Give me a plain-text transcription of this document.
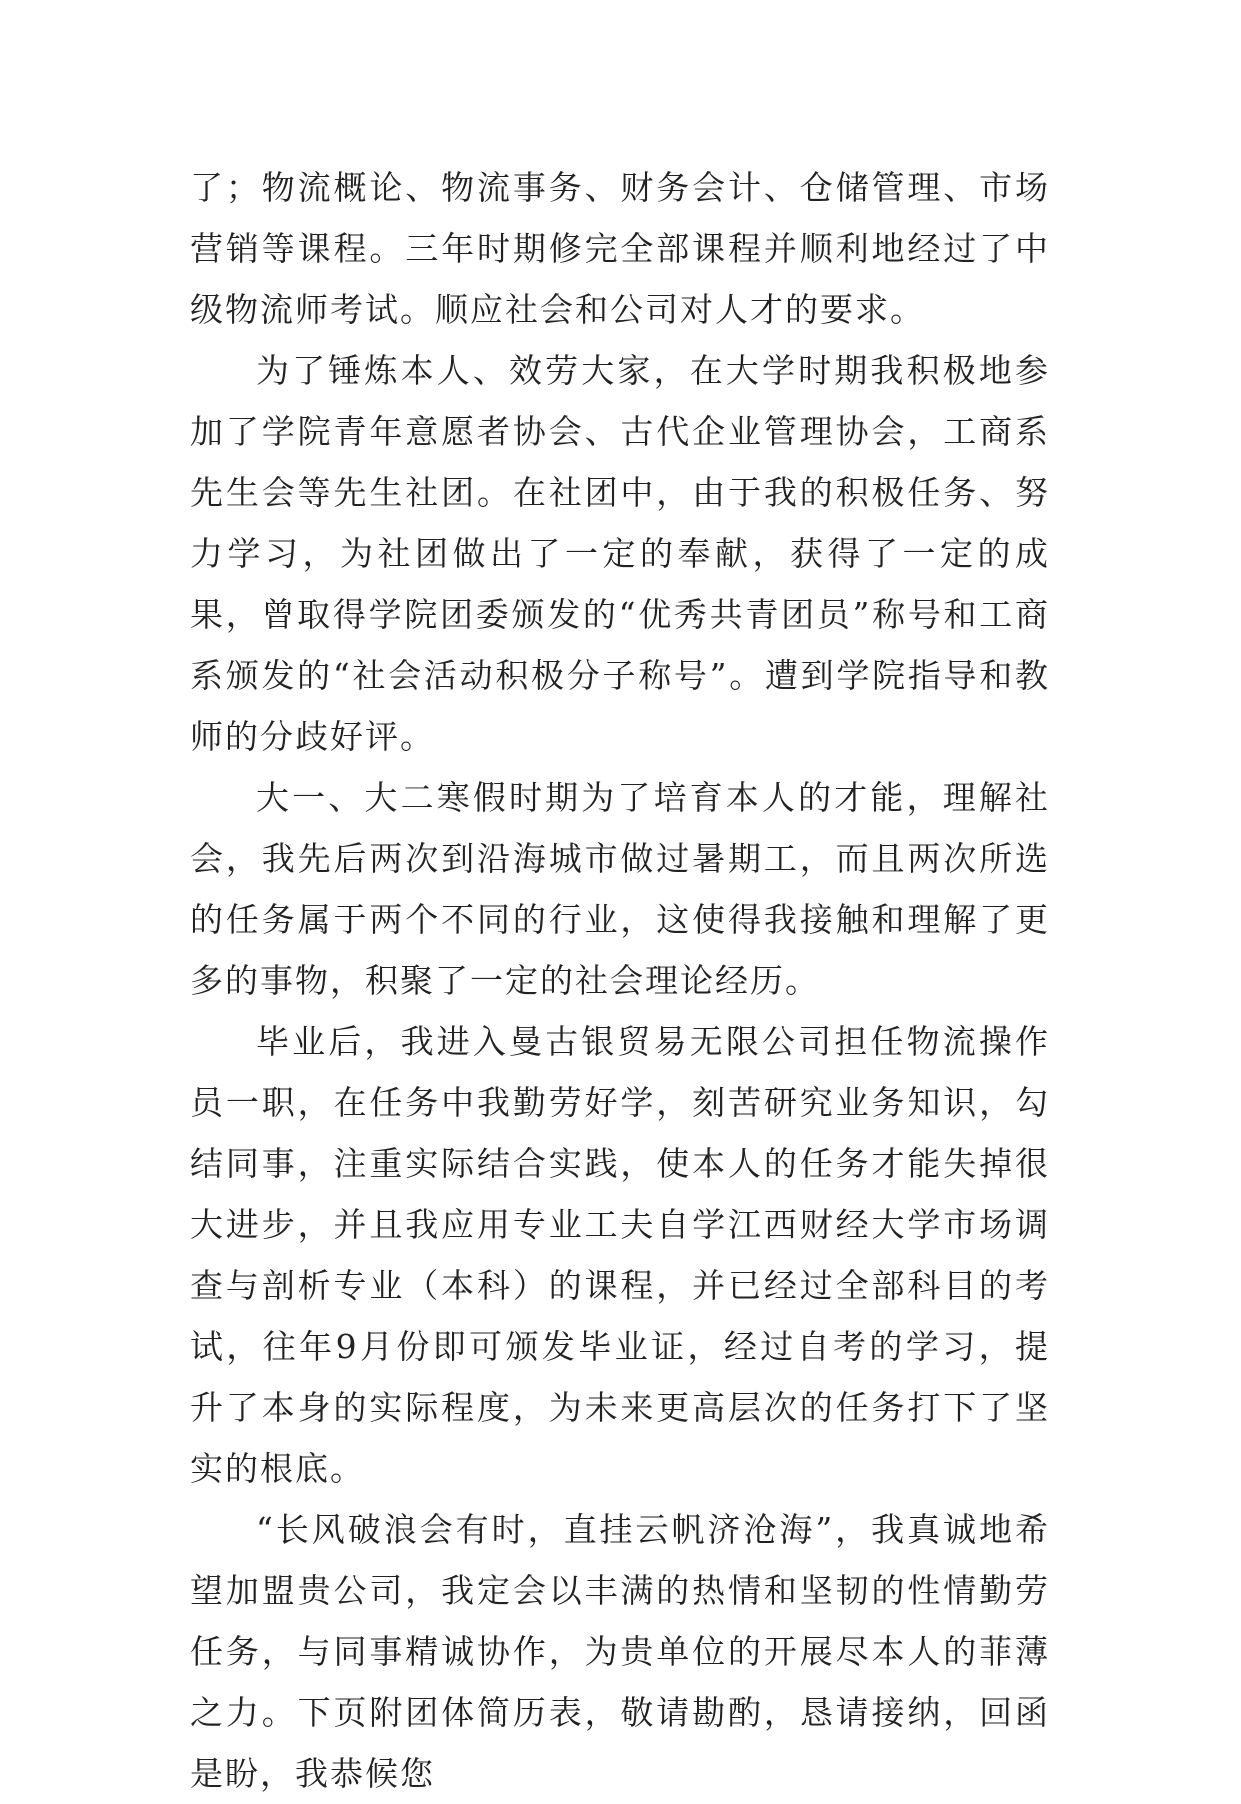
了；物流概论、物流事务、财务会计、仓储管理、市场营销等课程。三年时期修完全部课程并顺利地经过了中级物流师考试。顺应社会和公司对人才的要求。

为了锤炼本人、效劳大家，在大学时期我积极地参加了学院青年意愿者协会、古代企业管理协会，工商系先生会等先生社团。在社团中，由于我的积极任务、努力学习，为社团做出了一定的奉献，获得了一定的成果，曾取得学院团委颁发的“优秀共青团员”称号和工商系颁发的“社会活动积极分子称号”。遭到学院指导和教师的分歧好评。

大一、大二寒假时期为了培育本人的才能，理解社会，我先后两次到沿海城市做过暑期工，而且两次所选的任务属于两个不同的行业，这使得我接触和理解了更多的事物，积聚了一定的社会理论经历。

毕业后，我进入曼古银贸易无限公司担任物流操作员一职，在任务中我勤劳好学，刻苦研究业务知识，勾结同事，注重实际结合实践，使本人的任务才能失掉很大进步，并且我应用专业工夫自学江西财经大学市场调查与剖析专业（本科）的课程，并已经过全部科目的考试，往年9月份即可颁发毕业证，经过自考的学习，提升了本身的实际程度，为未来更高层次的任务打下了坚实的根底。

“长风破浪会有时，直挂云帆济沧海”，我真诚地希望加盟贵公司，我定会以丰满的热情和坚韧的性情勤劳任务，与同事精诚协作，为贵单位的开展尽本人的菲薄之力。下页附团体简历表，敬请勘酌，恳请接纳，回函是盼，我恭候您
